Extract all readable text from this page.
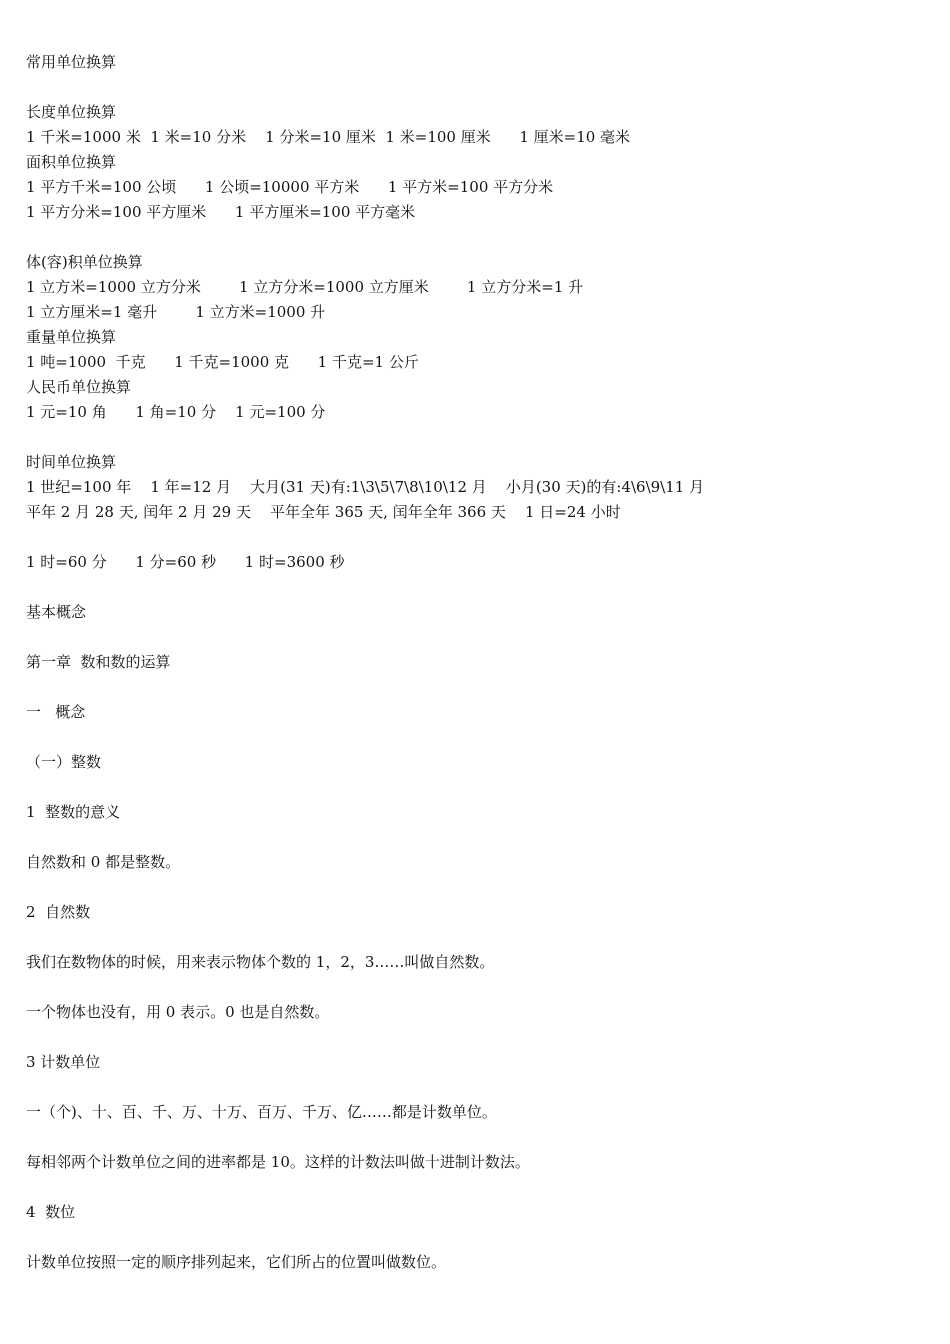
常用单位换算
长度单位换算
1 千米=1000 米  1 米=10 分米    1 分米=10 厘米  1 米=100 厘米      1 厘米=10 毫米
面积单位换算
1 平方千米=100 公顷      1 公顷=10000 平方米      1 平方米=100 平方分米
1 平方分米=100 平方厘米      1 平方厘米=100 平方毫米
体(容)积单位换算
1 立方米=1000 立方分米        1 立方分米=1000 立方厘米        1 立方分米=1 升
1 立方厘米=1 毫升        1 立方米=1000 升
重量单位换算
1 吨=1000  千克      1 千克=1000 克      1 千克=1 公斤
人民币单位换算
1 元=10 角      1 角=10 分    1 元=100 分
时间单位换算
1 世纪=100 年    1 年=12 月    大月(31 天)有:1\3\5\7\8\10\12 月    小月(30 天)的有:4\6\9\11 月
平年 2 月 28 天, 闰年 2 月 29 天    平年全年 365 天, 闰年全年 366 天    1 日=24 小时
1 时=60 分      1 分=60 秒      1 时=3600 秒
基本概念
第一章  数和数的运算
一   概念
（一）整数
1  整数的意义
自然数和 0 都是整数。
2  自然数
我们在数物体的时候，用来表示物体个数的 1，2，3……叫做自然数。
一个物体也没有，用 0 表示。0 也是自然数。
3 计数单位
一（个)、十、百、千、万、十万、百万、千万、亿……都是计数单位。
每相邻两个计数单位之间的进率都是 10。这样的计数法叫做十进制计数法。
4  数位
计数单位按照一定的顺序排列起来，它们所占的位置叫做数位。
